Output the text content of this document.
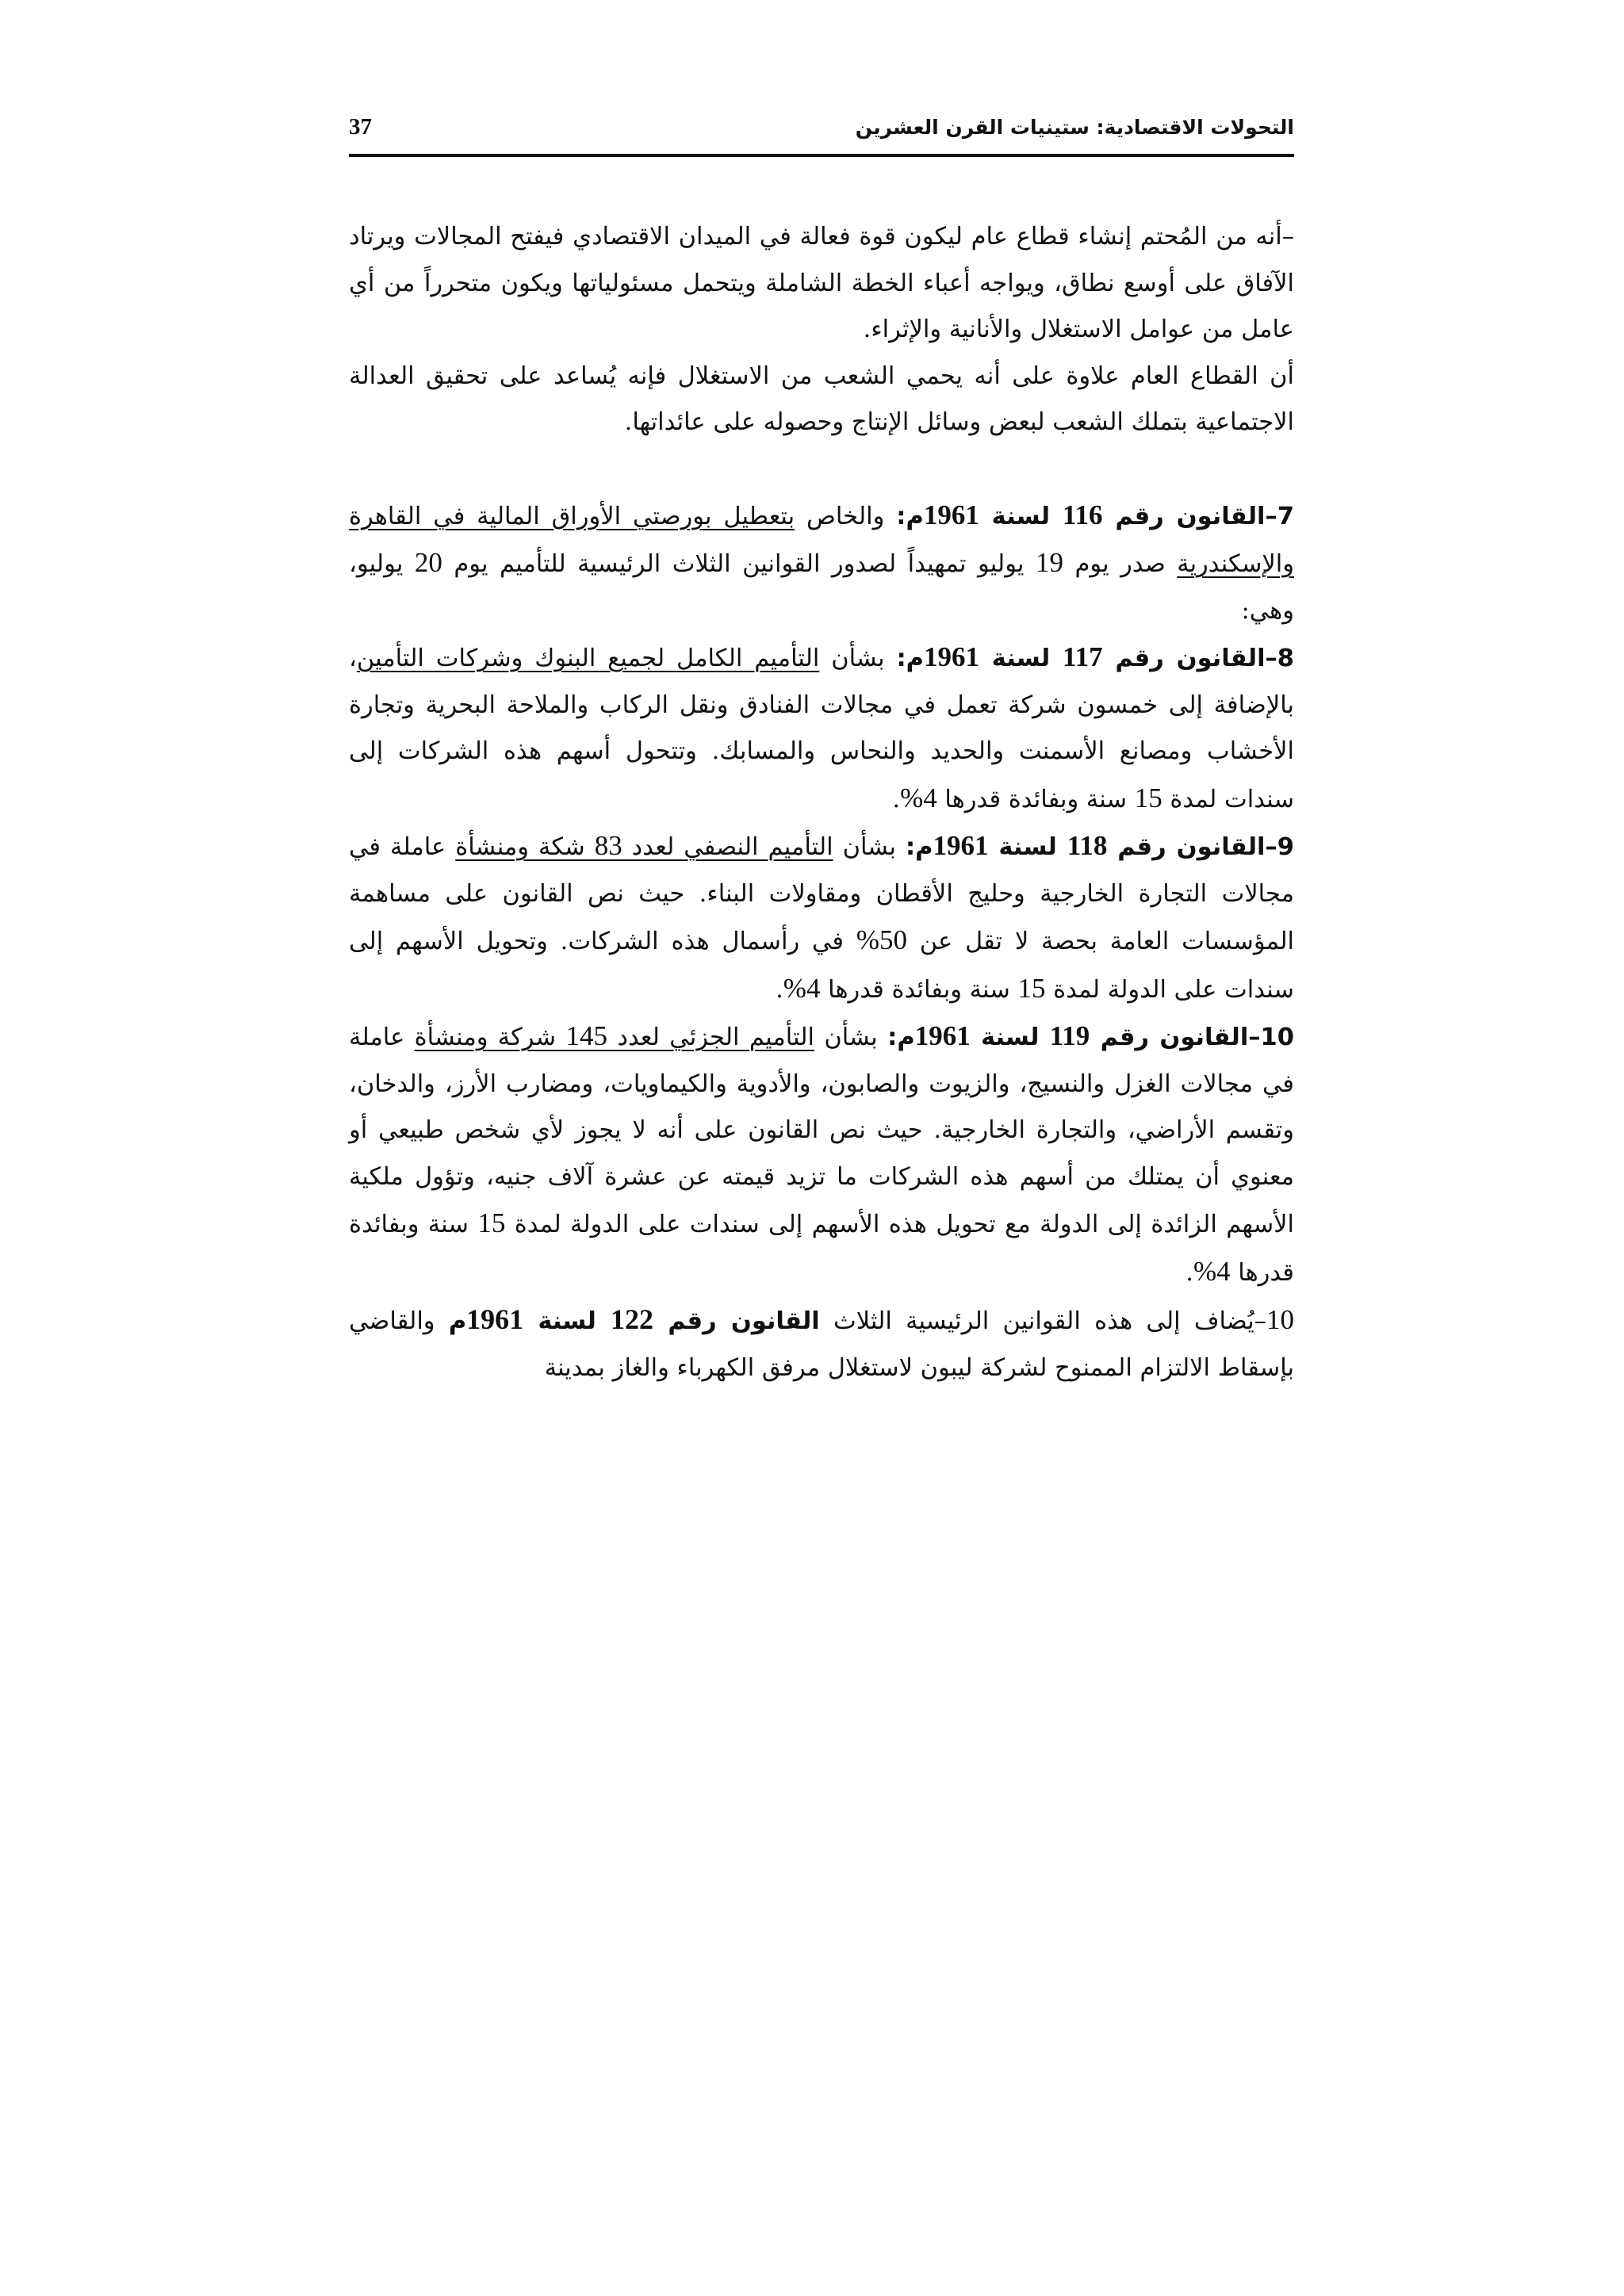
التحولات الاقتصادية: ستينيات القرن العشرين
37

–أنه من المُحتم إنشاء قطاع عام ليكون قوة فعالة في الميدان الاقتصادي فيفتح المجالات ويرتاد الآفاق على أوسع نطاق، ويواجه أعباء الخطة الشاملة ويتحمل مسئولياتها ويكون متحرراً من أي عامل من عوامل الاستغلال والأنانية والإثراء.

أن القطاع العام علاوة على أنه يحمي الشعب من الاستغلال فإنه يُساعد على تحقيق العدالة الاجتماعية بتملك الشعب لبعض وسائل الإنتاج وحصوله على عائداتها.

7–القانون رقم 116 لسنة 1961م: والخاص بتعطيل بورصتي الأوراق المالية في القاهرة والإسكندرية صدر يوم 19 يوليو تمهيداً لصدور القوانين الثلاث الرئيسية للتأميم يوم 20 يوليو، وهي:

8–القانون رقم 117 لسنة 1961م: بشأن التأميم الكامل لجميع البنوك وشركات التأمين، بالإضافة إلى خمسون شركة تعمل في مجالات الفنادق ونقل الركاب والملاحة البحرية وتجارة الأخشاب ومصانع الأسمنت والحديد والنحاس والمسابك. وتتحول أسهم هذه الشركات إلى سندات لمدة 15 سنة وبفائدة قدرها 4%.

9–القانون رقم 118 لسنة 1961م: بشأن التأميم النصفي لعدد 83 شكة ومنشأة عاملة في مجالات التجارة الخارجية وحليج الأقطان ومقاولات البناء. حيث نص القانون على مساهمة المؤسسات العامة بحصة لا تقل عن 50% في رأسمال هذه الشركات. وتحويل الأسهم إلى سندات على الدولة لمدة 15 سنة وبفائدة قدرها 4%.

10–القانون رقم 119 لسنة 1961م: بشأن التأميم الجزئي لعدد 145 شركة ومنشأة عاملة في مجالات الغزل والنسيج، والزيوت والصابون، والأدوية والكيماويات، ومضارب الأرز، والدخان، وتقسم الأراضي، والتجارة الخارجية. حيث نص القانون على أنه لا يجوز لأي شخص طبيعي أو معنوي أن يمتلك من أسهم هذه الشركات ما تزيد قيمته عن عشرة آلاف جنيه، وتؤول ملكية الأسهم الزائدة إلى الدولة مع تحويل هذه الأسهم إلى سندات على الدولة لمدة 15 سنة وبفائدة قدرها 4%.

10–يُضاف إلى هذه القوانين الرئيسية الثلاث القانون رقم 122 لسنة 1961م والقاضي بإسقاط الالتزام الممنوح لشركة ليبون لاستغلال مرفق الكهرباء والغاز بمدينة
